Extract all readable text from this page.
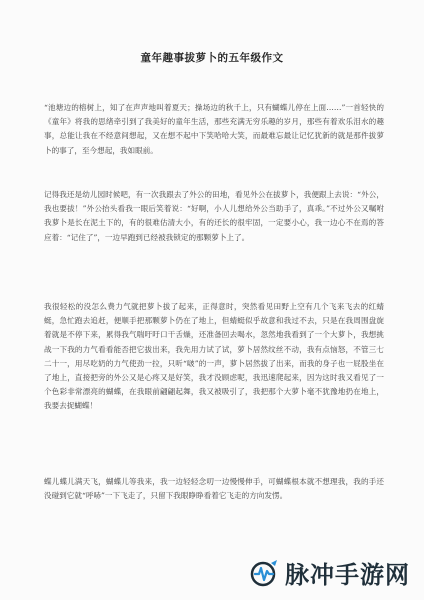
童年趣事拔萝卜的五年级作文
“池塘边的榕树上，知了在声声地叫着夏天；操场边的秋千上，只有蝴蝶儿停在上面……”一首轻快的《童年》将我的思绪牵引到了我美好的童年生活，那些充满无穷乐趣的岁月，那些有着欢乐泪水的趣事，总能让我在不经意间想起，又在想不起中下笑哈哈大笑，而最难忘最让记忆犹新的就是那件拔萝卜的事了，至今想起，我如眼前。
记得我还是幼儿园时候吧，有一次我跟去了外公的田地，看见外公在拔萝卜，我便跟上去说：“外公，我也要拔！”外公抬头看我一眼后笑着说：“好啊，小人儿想给外公当助手了，真乖。”不过外公又嘱咐我萝卜是长在泥土下的，有的很难估清大小，有的还长的很牢固，一定要小心，我一边心不在焉的答应着：“记住了”，一边早跑到已经被我锁定的那颗萝卜上了。
我很轻松的没怎么费力气就把萝卜拔了起来，正得意时，突然看见田野上空有几个飞来飞去的红蜻蜓，急忙跑去追赶，便顺手把那颗萝卜仍在了地上，但蜻蜓似乎故意和我过不去，只是在我周围盘旋着就是不停下来，累得我气喘吁吁口干舌燥，还准备回去喝水，忽然地我看到了一个大萝卜，我想挑战一下我的力气看看能否把它拔出来，我先用力试了试，萝卜居然纹丝不动，我有点恼怒，不管三七二十一，用尽吃奶的力气使劲一拉，只听“啵”的一声，萝卜居然拔了出来，而我的身子也一屁股坐在了地上，直接把旁的外公又是心疼又是好笑，我才没顾虑呢，我迅速爬起来，因为这时我又看见了一个色彩非常漂亮的蝴蝶，在我眼前翩翩起舞，我又被吸引了，我把那个大萝卜毫不犹豫地扔在地上，我要去捉蝴蝶！
蝶儿蝶儿满天飞，蝴蝶儿等我来，我一边轻轻念叨一边慢慢伸手，可蝴蝶根本就不想理我，我的手还没碰到它就“呼哧”一下飞走了，只留下我眼睁睁看着它飞走的方向发愣。
脉冲手游网
